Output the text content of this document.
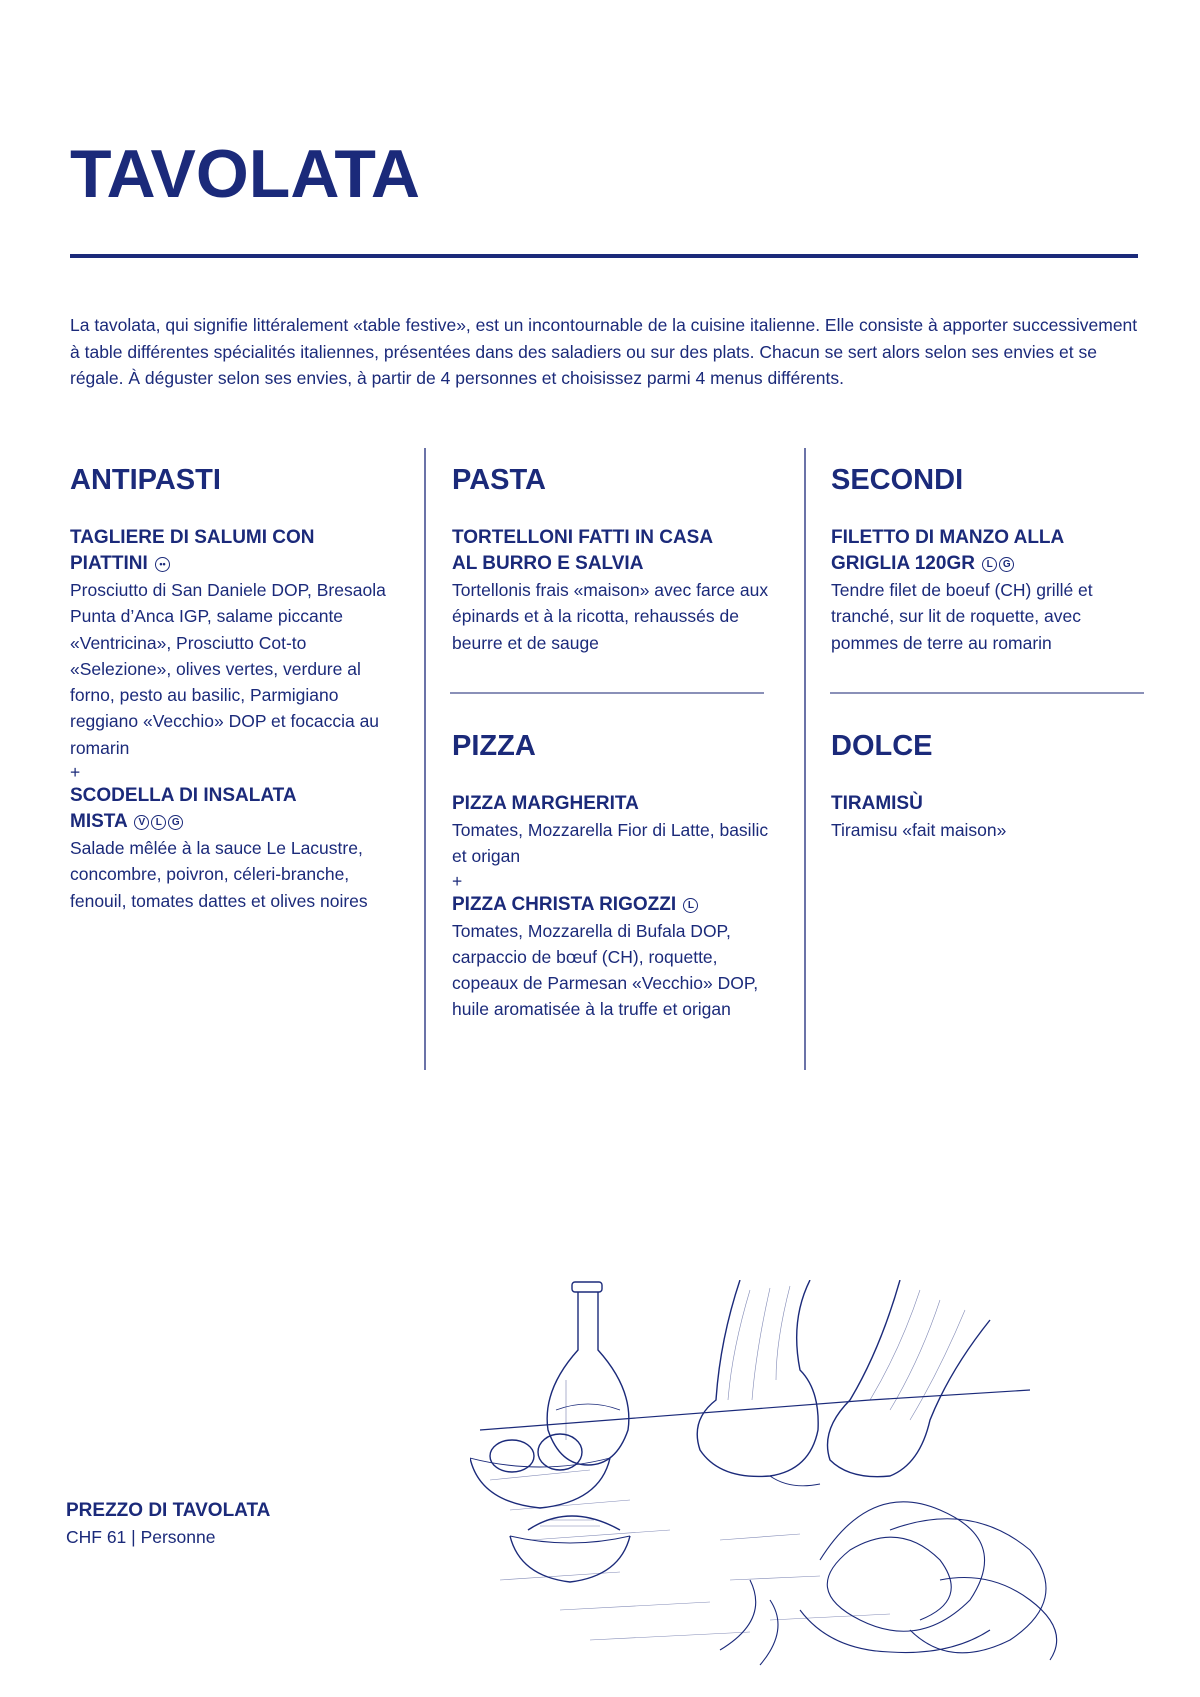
TAVOLATA

La tavolata, qui signifie littéralement «table festive», est un incontournable de la cuisine italienne. Elle consiste à apporter successivement à table différentes spécialités italiennes, présentées dans des saladiers ou sur des plats. Chacun se sert alors selon ses envies et se régale. À déguster selon ses envies, à partir de 4 personnes et choisissez parmi 4 menus différents.

ANTIPASTI
TAGLIERE DI SALUMI CON
PIATTINI ••
Prosciutto di San Daniele DOP, Bresaola Punta d’Anca IGP, salame piccante «Ventricina», Prosciutto Cot-to «Selezione», olives vertes, verdure al forno, pesto au basilic, Parmigiano reggiano «Vecchio» DOP et focaccia au romarin
+
SCODELLA DI INSALATA
MISTA V L G
Salade mêlée à la sauce Le Lacustre, concombre, poivron, céleri-branche, fenouil, tomates dattes et olives noires
PASTA
TORTELLONI FATTI IN CASA
AL BURRO E SALVIA
Tortellonis frais «maison» avec farce aux épinards et à la ricotta, rehaussés de beurre et de sauge
PIZZA
PIZZA MARGHERITA
Tomates, Mozzarella Fior di Latte, basilic et origan
+
PIZZA CHRISTA RIGOZZI L
Tomates, Mozzarella di Bufala DOP, carpaccio de bœuf (CH), roquette, copeaux de Parmesan «Vecchio» DOP, huile aromatisée à la truffe et origan
SECONDI
FILETTO DI MANZO ALLA
GRIGLIA 120GR L G
Tendre filet de boeuf (CH) grillé et tranché, sur lit de roquette, avec pommes de terre au romarin
DOLCE
TIRAMISÙ
Tiramisu «fait maison»
PREZZO DI TAVOLATA
CHF 61 | Personne
